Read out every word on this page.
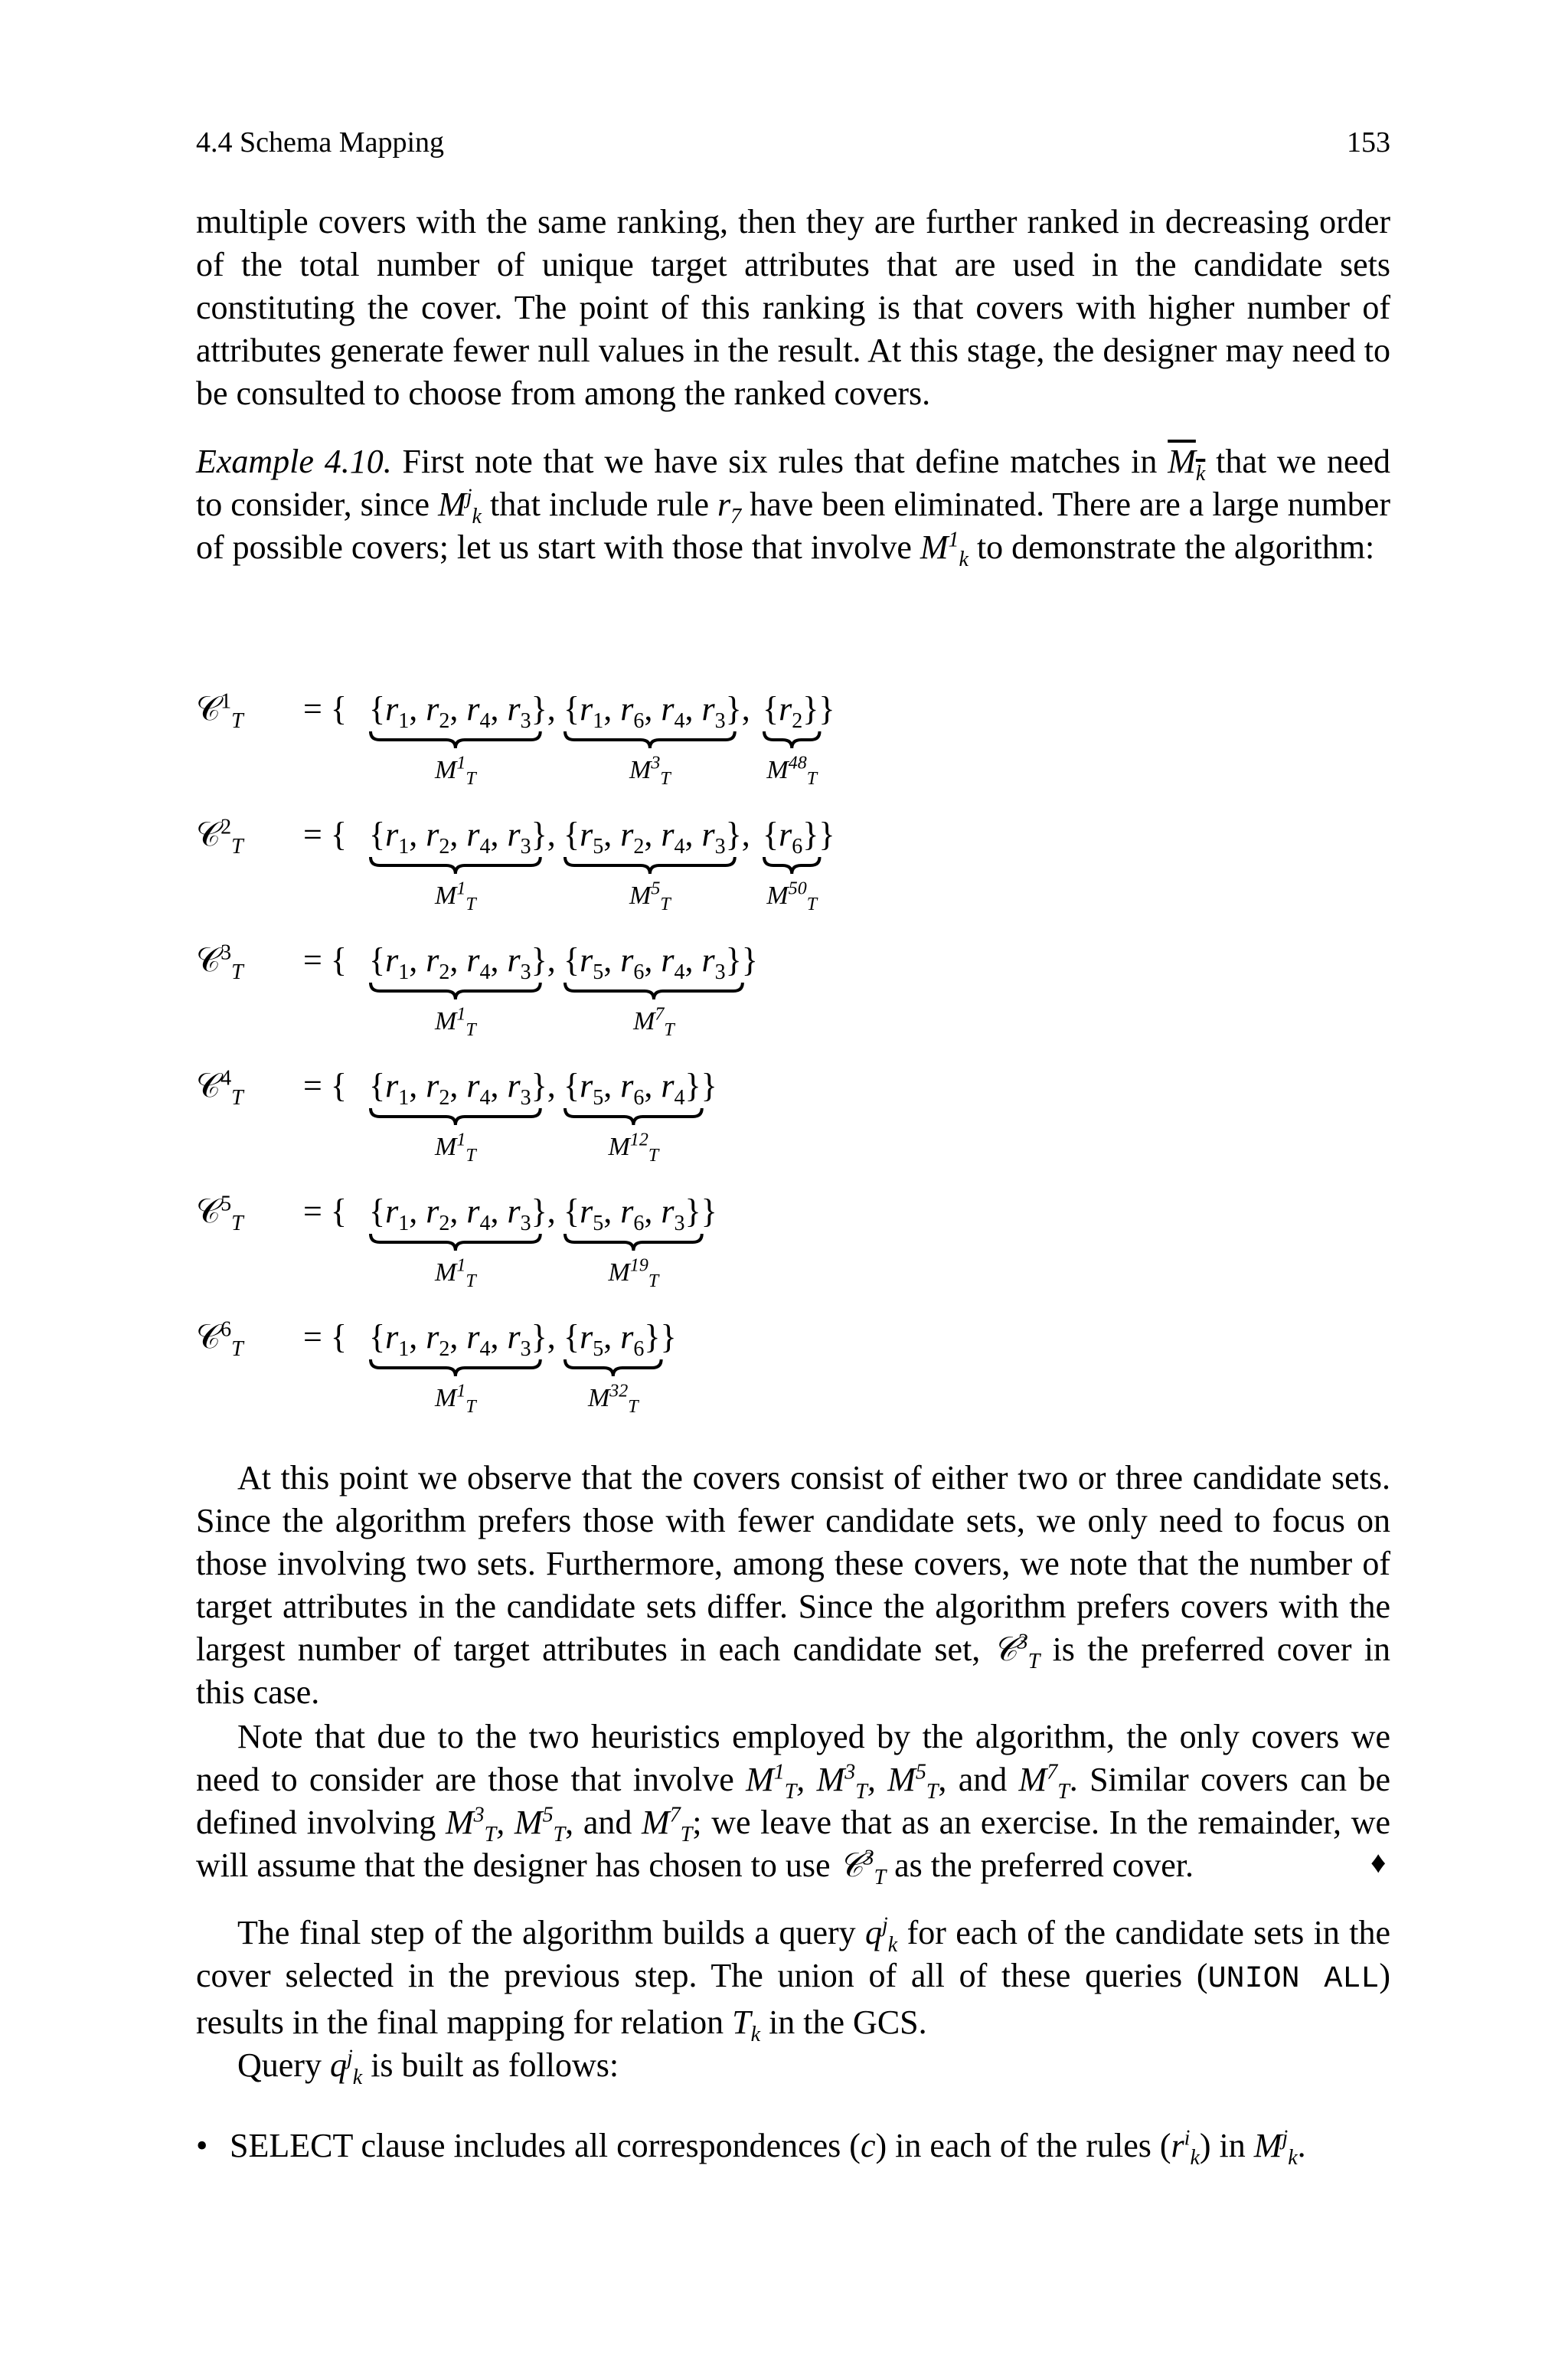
4.4 Schema Mapping	153

multiple covers with the same ranking, then they are further ranked in decreasing order of the total number of unique target attributes that are used in the candidate sets constituting the cover. The point of this ranking is that covers with higher number of attributes generate fewer null values in the result. At this stage, the designer may need to be consulted to choose from among the ranked covers.

Example 4.10. First note that we have six rules that define matches in $M_k$ that we need to consider, since $M^j_k$ that include rule $r_7$ have been eliminated. There are a large number of possible covers; let us start with those that involve $M^1_k$ to demonstrate the algorithm:

𝒞$^1_T$ = { {$r_1$, $r_2$, $r_4$, $r_3$},
$M^1_T$
{$r_1$, $r_6$, $r_4$, $r_3$},
$M^3_T$
$\{r_2\}$}
$M^{48}_T$
𝒞$^2_T$ = { {$r_1$, $r_2$, $r_4$, $r_3$},
$M^1_T$
{$r_5$, $r_2$, $r_4$, $r_3$},
$M^5_T$
$\{r_6\}$}
$M^{50}_T$
𝒞$^3_T$ = { {$r_1$, $r_2$, $r_4$, $r_3$},
$M^1_T$
{$r_5$, $r_6$, $r_4$, $r_3$}}
$M^7_T$
𝒞$^4_T$ = { {$r_1$, $r_2$, $r_4$, $r_3$},
$M^1_T$
{$r_5$, $r_6$, $r_4$}}
$M^{12}_T$
𝒞$^5_T$ = { {$r_1$, $r_2$, $r_4$, $r_3$},
$M^1_T$
{$r_5$, $r_6$, $r_3$}}
$M^{19}_T$
𝒞$^6_T$ = { {$r_1$, $r_2$, $r_4$, $r_3$},
$M^1_T$
{$r_5$, $r_6$}}
$M^{32}_T$

At this point we observe that the covers consist of either two or three candidate sets. Since the algorithm prefers those with fewer candidate sets, we only need to focus on those involving two sets. Furthermore, among these covers, we note that the number of target attributes in the candidate sets differ. Since the algorithm prefers covers with the largest number of target attributes in each candidate set, 𝒞$^3_T$ is the preferred cover in this case.

Note that due to the two heuristics employed by the algorithm, the only covers we need to consider are those that involve $M^1_T$, $M^3_T$, $M^5_T$, and $M^7_T$. Similar covers can be defined involving $M^3_T$, $M^5_T$, and $M^7_T$; we leave that as an exercise. In the remainder, we will assume that the designer has chosen to use 𝒞$^3_T$ as the preferred cover.	♦

The final step of the algorithm builds a query $q^j_k$ for each of the candidate sets in the cover selected in the previous step. The union of all of these queries (UNION ALL) results in the final mapping for relation $T_k$ in the GCS.

Query $q^j_k$ is built as follows:

• SELECT clause includes all correspondences (c) in each of the rules $(r^i_k)$ in $M^j_k$.
